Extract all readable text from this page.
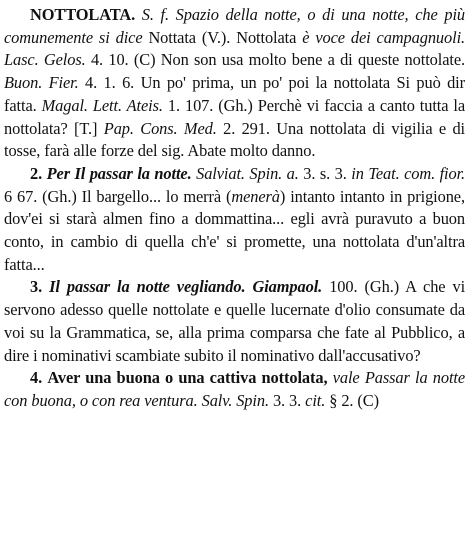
NOTTOLATA. S. f. Spazio della notte, o di una notte, che più comunemente si dice Nottata (V.). Nottolata è voce dei campagnuoli. Lasc. Gelos. 4. 10. (C) Non son usa molto bene a di queste nottolate. Buon. Fier. 4. 1. 6. Un po' prima, un po' poi la nottolata Si può dir fatta. Magal. Lett. Ateis. 1. 107. (Gh.) Perchè vi faccia a canto tutta la nottolata? [T.] Pap. Cons. Med. 2. 291. Una nottolata di vigilia e di tosse, farà alle forze del sig. Abate molto danno.

2. Per Il passar la notte. Salviat. Spin. a. 3. s. 3. in Teat. com. fior. 6 67. (Gh.) Il bargello... lo merrà (menerà) intanto intanto in prigione, dov'ei si starà almen fino a dommattina... egli avrà puravuto a buon conto, in cambio di quella ch'e' si promette, una nottolata d'un'altra fatta...

3. Il passar la notte vegliando. Giampaol. 100. (Gh.) A che vi servono adesso quelle nottolate e quelle lucernate d'olio consumate da voi su la Grammatica, se, alla prima comparsa che fate al Pubblico, a dire i nominativi scambiate subito il nominativo dall'accusativo?

4. Aver una buona o una cattiva nottolata, vale Passar la notte con buona, o con rea ventura. Salv. Spin. 3. 3. cit. § 2. (C)
